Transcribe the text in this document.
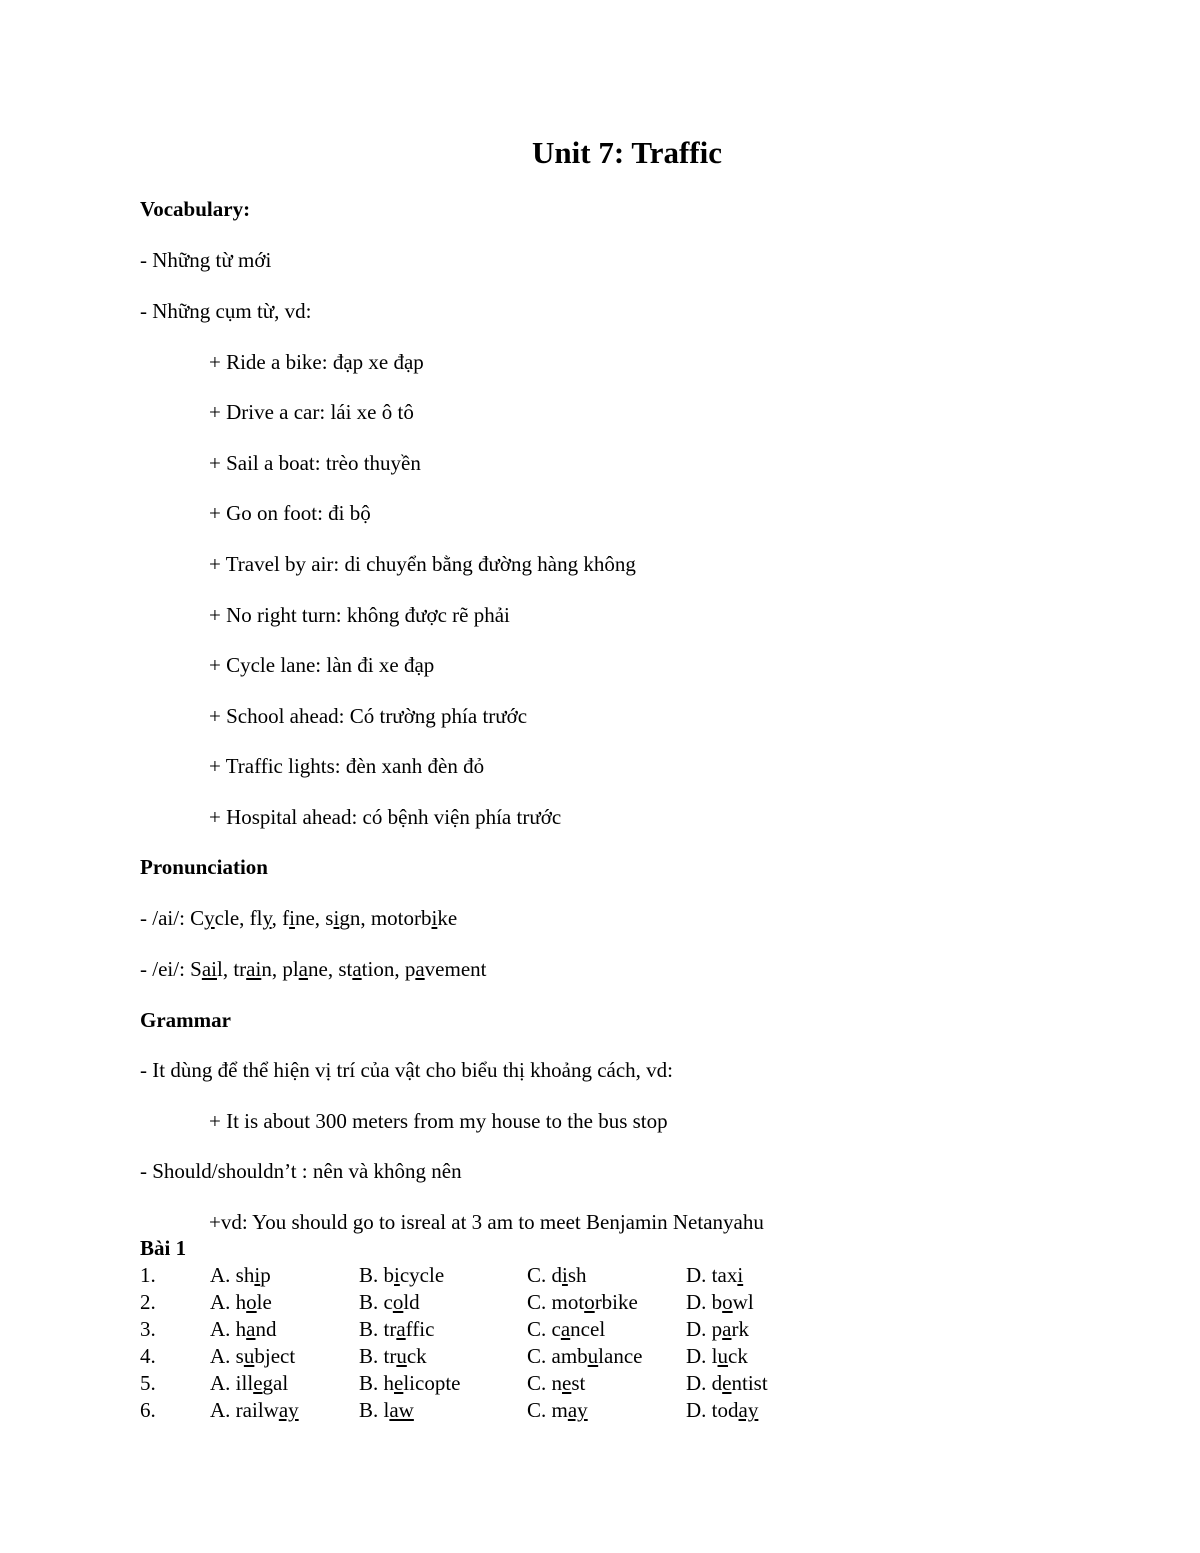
Unit 7: Traffic
Vocabulary:
- Những từ mới
- Những cụm từ, vd:
+ Ride a bike: đạp xe đạp
+ Drive a car: lái xe ô tô
+ Sail a boat: trèo thuyền
+ Go on foot: đi bộ
+ Travel by air: di chuyển bằng đường hàng không
+ No right turn: không được rẽ phải
+ Cycle lane: làn đi xe đạp
+ School ahead: Có trường phía trước
+ Traffic lights: đèn xanh đèn đỏ
+ Hospital ahead: có bệnh viện phía trước
Pronunciation
- /ai/: Cycle, fly, fine, sign, motorbike
- /ei/: Sail, train, plane, station, pavement
Grammar
- It dùng để thể hiện vị trí của vật cho biểu thị khoảng cách, vd:
+ It is about 300 meters from my house to the bus stop
- Should/shouldn’t : nên và không nên
+vd: You should go to isreal at 3 am to meet Benjamin Netanyahu
Bài 1
1.	A. ship	B. bicycle	C. dish	D. taxi
2.	A. hole	B. cold	C. motorbike D. bowl
3.	A. hand	B. traffic	C. cancel	D. park
4.	A. subject	B. truck	C. ambulance D. luck
5.	A. illegal	B. helicopte	C. nest	D. dentist
6.	A. railway	B. law	C. may	D. today
